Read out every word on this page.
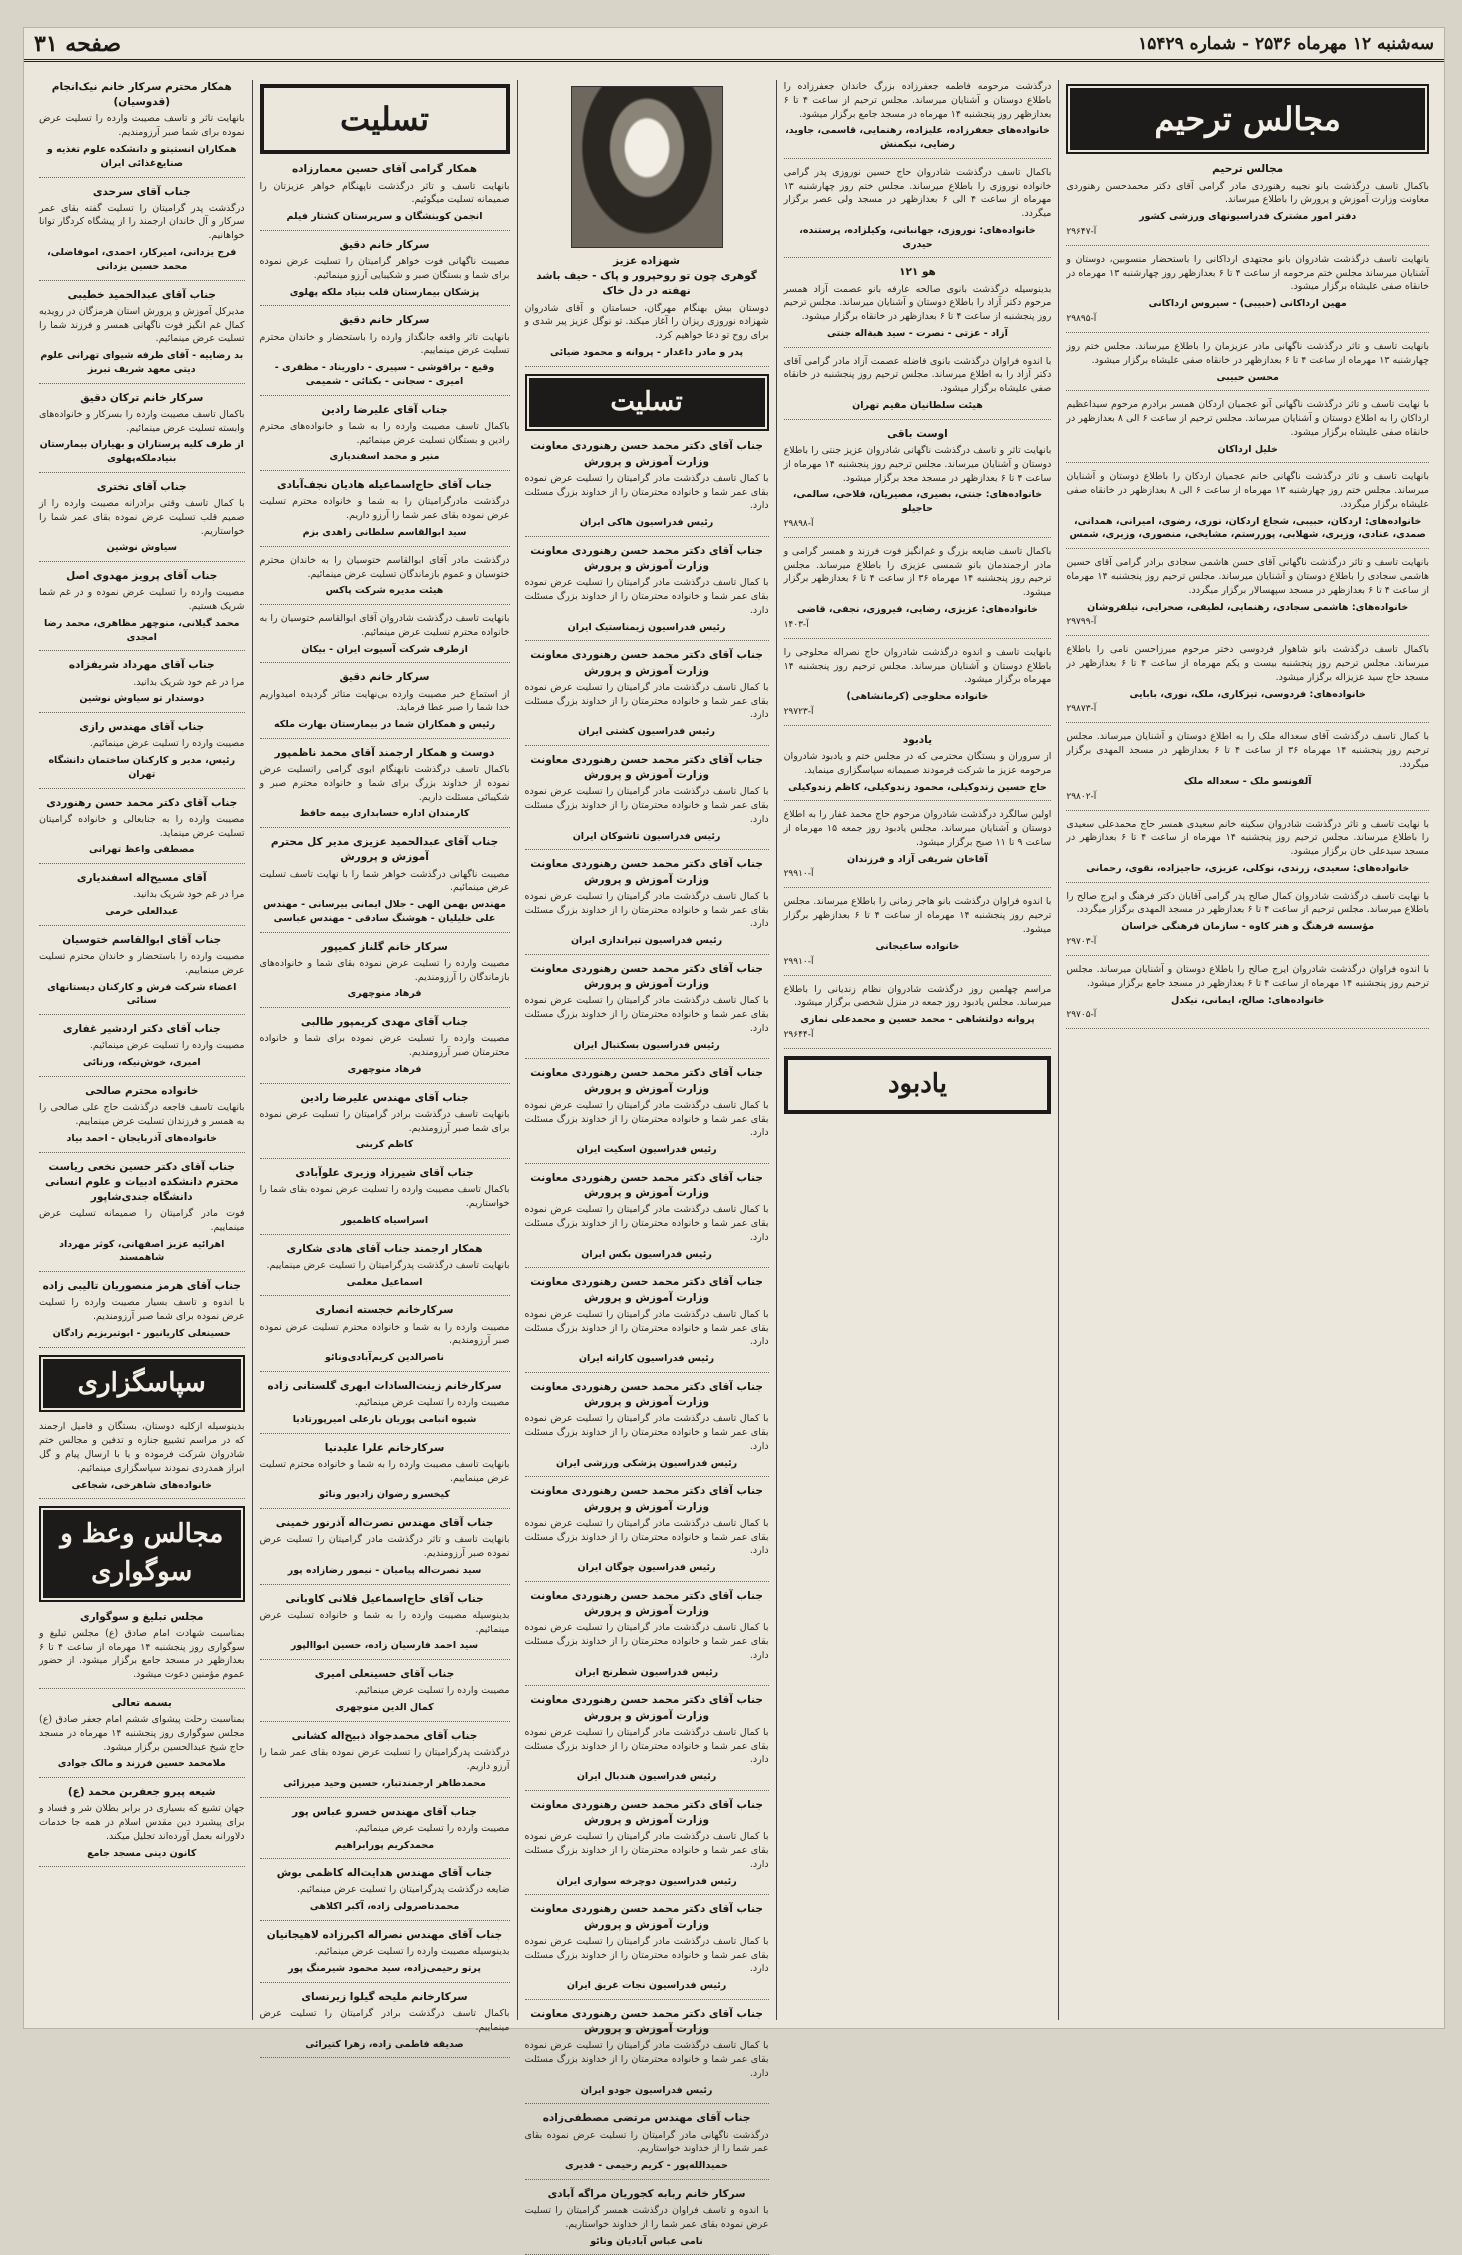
سه‌شنبه ۱۲ مهرماه ۲۵۳۶ - شماره ۱۵۴۲۹
صفحه ۳۱
مجالس ترحیم
مجالس ترحیم
باکمال تاسف درگذشت بانو نجیبه رهنوردی مادر گرامی آقای دکتر محمدحسن رهنوردی معاونت وزارت آموزش و پرورش را باطلاع میرساند.
دفتر امور مشترک فدراسیونهای ورزشی کشور
آ-۲۹۶۴۷
بانهایت تاسف درگذشت شادروان بانو مجتهدی ارداکانی را باستحضار منسوبین، دوستان و آشنایان میرساند مجلس ختم مرحومه از ساعت ۴ تا ۶ بعدازظهر روز چهارشنبه ۱۳ مهرماه در خانقاه صفی علیشاه برگزار میشود.
مهین ارداکانی (حبیبی) - سیروس ارداکانی
آ-۲۹۸۹۵
بانهایت تاسف و تاثر درگذشت ناگهانی مادر عزیزمان را باطلاع میرساند. مجلس ختم روز چهارشنبه ۱۳ مهرماه از ساعت ۴ تا ۶ بعدازظهر در خانقاه صفی علیشاه برگزار میشود.
محسن حبیبی
با نهایت تاسف و تاثر درگذشت ناگهانی آنو عجمیان اردکان همسر برادرم مرحوم سیداعظیم ارداکان را به اطلاع دوستان و آشنایان میرساند. مجلس ترحیم از ساعت ۶ الی ۸ بعدازظهر در خانقاه صفی علیشاه برگزار میشود.
خلیل ارداکان
بانهایت تاسف و تاثر درگذشت ناگهانی خانم عجمیان اردکان را باطلاع دوستان و آشنایان میرساند. مجلس ختم روز چهارشنبه ۱۳ مهرماه از ساعت ۶ الی ۸ بعدازظهر در خانقاه صفی علیشاه برگزار میگردد.
خانواده‌های: اردکان، حبیبی، شجاع اردکان، نوری، رضوی، امیرانی، همدانی، صمدی، عنادی، وزیری، شهلابی، پوررستم، مشایخی، منصوری، وزیری، شمس
بانهایت تاسف و تاثر درگذشت ناگهانی آقای حسن هاشمی سجادی برادر گرامی آقای حسین هاشمی سجادی را باطلاع دوستان و آشنایان میرساند. مجلس ترحیم روز پنجشنبه ۱۴ مهرماه از ساعت ۴ تا ۶ بعدازظهر در مسجد سپهسالار برگزار میگردد.
خانواده‌های: هاشمی سجادی، رهنمایی، لطیفی، صحرایی، نیلفروشان
آ-۲۹۷۹۹
باکمال تاسف درگذشت بانو شاهوار فردوسی دختر مرحوم میرزاحسن نامی را باطلاع میرساند. مجلس ترحیم روز پنجشنبه بیست و یکم مهرماه از ساعت ۴ تا ۶ بعدازظهر در مسجد حاج سید عزیزاله برگزار میشود.
خانواده‌های: فردوسی، تیزکاری، ملک، نوری، بابایی
آ-۲۹۸۷۳
با کمال تاسف درگذشت آقای سعداله ملک را به اطلاع دوستان و آشنایان میرساند. مجلس ترحیم روز پنجشنبه ۱۴ مهرماه ۳۶ از ساعت ۴ تا ۶ بعدازظهر در مسجد المهدی برگزار میگردد.
آلفونسو ملک - سعداله ملک
آ-۲۹۸۰۲
با نهایت تاسف و تاثر درگذشت شادروان سکینه خانم سعیدی همسر حاج محمدعلی سعیدی را باطلاع میرساند. مجلس ترحیم روز پنجشنبه ۱۴ مهرماه از ساعت ۴ تا ۶ بعدازظهر در مسجد سیدعلی خان برگزار میشود.
خانواده‌های: سعیدی، زرندی، نوکلی، عزیزی، حاجیزاده، نقوی، رحمانی
با نهایت تاسف درگذشت شادروان کمال صالح پدر گرامی آقایان دکتر فرهنگ و ایرج صالح را باطلاع میرساند. مجلس ترحیم از ساعت ۴ تا ۶ بعدازظهر در مسجد المهدی برگزار میگردد.
مؤسسه فرهنگ و هنر کاوه - سازمان فرهنگی خراسان
آ-۲۹۷۰۳
با اندوه فراوان درگذشت شادروان ایرج صالح را باطلاع دوستان و آشنایان میرساند. مجلس ترحیم روز پنجشنبه ۱۴ مهرماه از ساعت ۴ تا ۶ بعدازظهر در مسجد جامع برگزار میشود.
خانواده‌های: صالح، ایمانی، نیکدل
آ-۲۹۷۰۵
درگذشت مرحومه فاطمه جعفرزاده بزرگ خاندان جعفرزاده را باطلاع دوستان و آشنایان میرساند. مجلس ترحیم از ساعت ۴ تا ۶ بعدازظهر روز پنجشنبه ۱۴ مهرماه در مسجد جامع برگزار میشود.
خانواده‌های جعفرزاده، علیزاده، رهنمایی، قاسمی، جاوید، رضایی، نیکمنش
باکمال تاسف درگذشت شادروان حاج حسین نوروزی پدر گرامی خانواده نوروزی را باطلاع میرساند. مجلس ختم روز چهارشنبه ۱۳ مهرماه از ساعت ۴ الی ۶ بعدازظهر در مسجد ولی عصر برگزار میگردد.
خانواده‌های: نوروزی، جهانبانی، وکیلزاده، پرستنده، حیدری
هو ۱۲۱
بدینوسیله درگذشت بانوی صالحه عارفه بانو عصمت آزاد همسر مرحوم دکتر آزاد را باطلاع دوستان و آشنایان میرساند. مجلس ترحیم روز پنجشنبه از ساعت ۴ تا ۶ بعدازظهر در خانقاه برگزار میشود.
آزاد - عزتی - نصرت - سید هبةاله جنتی
با اندوه فراوان درگذشت بانوی فاضله عصمت آزاد مادر گرامی آقای دکتر آزاد را به اطلاع میرساند. مجلس ترحیم روز پنجشنبه در خانقاه صفی علیشاه برگزار میشود.
هیئت سلطانیان مقیم تهران
اوست باقی
بانهایت تاثر و تاسف درگذشت ناگهانی شادروان عزیز جنتی را باطلاع دوستان و آشنایان میرساند. مجلس ترحیم روز پنجشنبه ۱۴ مهرماه از ساعت ۴ تا ۶ بعدازظهر در مسجد مجد برگزار میشود.
خانواده‌های: جنتی، بصیری، مصیریان، فلاحی، سالمی، حاجیلو
آ-۲۹۸۹۸
باکمال تاسف ضایعه بزرگ و غم‌انگیز فوت فرزند و همسر گرامی و مادر ارجمندمان بانو شمسی عزیزی را باطلاع میرساند. مجلس ترحیم روز پنجشنبه ۱۴ مهرماه ۳۶ از ساعت ۴ تا ۶ بعدازظهر برگزار میشود.
خانواده‌های: عزیزی، رضایی، فیروزی، نجفی، قاضی
آ-۱۴۰۳
بانهایت تاسف و اندوه درگذشت شادروان حاج نصراله محلوجی را باطلاع دوستان و آشنایان میرساند. مجلس ترحیم روز پنجشنبه ۱۴ مهرماه برگزار میشود.
خانواده محلوجی (کرمانشاهی)
آ-۲۹۷۲۳
یادبود
از سروران و بستگان محترمی که در مجلس ختم و یادبود شادروان مرحومه عزیز ما شرکت فرمودند صمیمانه سپاسگزاری مینماید.
حاج حسین زندوکیلی، محمود زندوکیلی، کاظم زندوکیلی
اولین سالگرد درگذشت شادروان مرحوم حاج محمد غفار را به اطلاع دوستان و آشنایان میرساند. مجلس یادبود روز جمعه ۱۵ مهرماه از ساعت ۹ تا ۱۱ صبح برگزار میشود.
آقاخان شریفی آزاد و فرزندان
آ-۲۹۹۱۰
با اندوه فراوان درگذشت بانو هاجر زمانی را باطلاع میرساند. مجلس ترحیم روز پنجشنبه ۱۴ مهرماه از ساعت ۴ تا ۶ بعدازظهر برگزار میشود.
خانواده ساعیجانی
آ-۲۹۹۱۰
مراسم چهلمین روز درگذشت شادروان نظام زندیانی را باطلاع میرساند. مجلس یادبود روز جمعه در منزل شخصی برگزار میشود.
پروانه دولتشاهی - محمد حسین و محمدعلی نمازی
آ-۲۹۶۴۴
یادبود
شهزاده عزیز
گوهری چون تو روحپرور و پاک - حیف باشد نهفته در دل خاک
دوستان بیش بهنگام مهرگان، حسامتان و آقای شادروان شهزاده نوروزی ریزان را آغاز میکند. تو نوگل عزیز پیر شدی و برای روح تو دعا خواهیم کرد.
پدر و مادر داغدار - پروانه و محمود ضیائی
تسلیت
جناب آقای دکتر محمد حسن رهنوردی معاونت وزارت آموزش و پرورش
با کمال تاسف درگذشت مادر گرامیتان را تسلیت عرض نموده بقای عمر شما و خانواده محترمتان را از خداوند بزرگ مسئلت دارد.
رئیس فدراسیون هاکی ایران
جناب آقای دکتر محمد حسن رهنوردی معاونت وزارت آموزش و پرورش
با کمال تاسف درگذشت مادر گرامیتان را تسلیت عرض نموده بقای عمر شما و خانواده محترمتان را از خداوند بزرگ مسئلت دارد.
رئیس فدراسیون ژیمناستیک ایران
جناب آقای دکتر محمد حسن رهنوردی معاونت وزارت آموزش و پرورش
با کمال تاسف درگذشت مادر گرامیتان را تسلیت عرض نموده بقای عمر شما و خانواده محترمتان را از خداوند بزرگ مسئلت دارد.
رئیس فدراسیون کشتی ایران
جناب آقای دکتر محمد حسن رهنوردی معاونت وزارت آموزش و پرورش
با کمال تاسف درگذشت مادر گرامیتان را تسلیت عرض نموده بقای عمر شما و خانواده محترمتان را از خداوند بزرگ مسئلت دارد.
رئیس فدراسیون تاشوکان ایران
جناب آقای دکتر محمد حسن رهنوردی معاونت وزارت آموزش و پرورش
با کمال تاسف درگذشت مادر گرامیتان را تسلیت عرض نموده بقای عمر شما و خانواده محترمتان را از خداوند بزرگ مسئلت دارد.
رئیس فدراسیون تیراندازی ایران
جناب آقای دکتر محمد حسن رهنوردی معاونت وزارت آموزش و پرورش
با کمال تاسف درگذشت مادر گرامیتان را تسلیت عرض نموده بقای عمر شما و خانواده محترمتان را از خداوند بزرگ مسئلت دارد.
رئیس فدراسیون بسکتبال ایران
جناب آقای دکتر محمد حسن رهنوردی معاونت وزارت آموزش و پرورش
با کمال تاسف درگذشت مادر گرامیتان را تسلیت عرض نموده بقای عمر شما و خانواده محترمتان را از خداوند بزرگ مسئلت دارد.
رئیس فدراسیون اسکیت ایران
جناب آقای دکتر محمد حسن رهنوردی معاونت وزارت آموزش و پرورش
با کمال تاسف درگذشت مادر گرامیتان را تسلیت عرض نموده بقای عمر شما و خانواده محترمتان را از خداوند بزرگ مسئلت دارد.
رئیس فدراسیون بکس ایران
جناب آقای دکتر محمد حسن رهنوردی معاونت وزارت آموزش و پرورش
با کمال تاسف درگذشت مادر گرامیتان را تسلیت عرض نموده بقای عمر شما و خانواده محترمتان را از خداوند بزرگ مسئلت دارد.
رئیس فدراسیون کاراته ایران
جناب آقای دکتر محمد حسن رهنوردی معاونت وزارت آموزش و پرورش
با کمال تاسف درگذشت مادر گرامیتان را تسلیت عرض نموده بقای عمر شما و خانواده محترمتان را از خداوند بزرگ مسئلت دارد.
رئیس فدراسیون پزشکی ورزشی ایران
جناب آقای دکتر محمد حسن رهنوردی معاونت وزارت آموزش و پرورش
با کمال تاسف درگذشت مادر گرامیتان را تسلیت عرض نموده بقای عمر شما و خانواده محترمتان را از خداوند بزرگ مسئلت دارد.
رئیس فدراسیون چوگان ایران
جناب آقای دکتر محمد حسن رهنوردی معاونت وزارت آموزش و پرورش
با کمال تاسف درگذشت مادر گرامیتان را تسلیت عرض نموده بقای عمر شما و خانواده محترمتان را از خداوند بزرگ مسئلت دارد.
رئیس فدراسیون شطرنج ایران
جناب آقای دکتر محمد حسن رهنوردی معاونت وزارت آموزش و پرورش
با کمال تاسف درگذشت مادر گرامیتان را تسلیت عرض نموده بقای عمر شما و خانواده محترمتان را از خداوند بزرگ مسئلت دارد.
رئیس فدراسیون هندبال ایران
جناب آقای دکتر محمد حسن رهنوردی معاونت وزارت آموزش و پرورش
با کمال تاسف درگذشت مادر گرامیتان را تسلیت عرض نموده بقای عمر شما و خانواده محترمتان را از خداوند بزرگ مسئلت دارد.
رئیس فدراسیون دوچرخه سواری ایران
جناب آقای دکتر محمد حسن رهنوردی معاونت وزارت آموزش و پرورش
با کمال تاسف درگذشت مادر گرامیتان را تسلیت عرض نموده بقای عمر شما و خانواده محترمتان را از خداوند بزرگ مسئلت دارد.
رئیس فدراسیون نجات غریق ایران
جناب آقای دکتر محمد حسن رهنوردی معاونت وزارت آموزش و پرورش
با کمال تاسف درگذشت مادر گرامیتان را تسلیت عرض نموده بقای عمر شما و خانواده محترمتان را از خداوند بزرگ مسئلت دارد.
رئیس فدراسیون جودو ایران
جناب آقای مهندس مرتضی مصطفی‌زاده
درگذشت ناگهانی مادر گرامیتان را تسلیت عرض نموده بقای عمر شما را از خداوند خواستاریم.
حمیدالله‌پور - کریم رحیمی - قدیری
سرکار خانم ربابه کجوریان مراگه آبادی
با اندوه و تاسف فراوان درگذشت همسر گرامیتان را تسلیت عرض نموده بقای عمر شما را از خداوند خواستاریم.
نامی عباس آبادیان ونائو
تسلیت
همکار گرامی آقای حسین معمارزاده
بانهایت تاسف و تاثر درگذشت ناپهنگام خواهر عزیزتان را صمیمانه تسلیت میگوئیم.
انجمن کوینشگان و سرپرستان کشتار فیلم
سرکار خانم دقیق
مصیبت ناگهانی فوت خواهر گرامیتان را تسلیت عرض نموده برای شما و بستگان صبر و شکیبایی آرزو مینمائیم.
پزشکان بیمارستان قلب بنیاد ملکه پهلوی
سرکار خانم دقیق
بانهایت تاثر واقعه جانگداز وارده را باستحضار و خاندان محترم تسلیت عرض مینماییم.
وقیع - براقوشی - سپیری - داوریناد - مظفری - امیری - سجانی - بکتائی - شمیمی
جناب آقای علیرضا رادین
باکمال تاسف مصیبت وارده را به شما و خانواده‌های محترم رادین و بستگان تسلیت عرض مینمائیم.
منیر و محمد اسفندیاری
جناب آقای حاج‌اسماعیله هادیان نجف‌آبادی
درگذشت مادرگرامیتان را به شما و خانواده محترم تسلیت عرض نموده بقای عمر شما را آرزو داریم.
سید ابوالقاسم سلطانی زاهدی بزم
درگذشت مادر آقای ابوالقاسم ختوسیان را به خاندان محترم ختوسیان و عموم بازماندگان تسلیت عرض مینمائیم.
هیئت مدیره شرکت پاکس
بانهایت تاسف درگذشت شادروان آقای ابوالقاسم ختوسیان را به خانواده محترم تسلیت عرض مینمائیم.
ازطرف شرکت آسیوت ایران - بیکان
سرکار خانم دقیق
از استماع خبر مصیبت وارده بی‌نهایت متاثر گردیده امیدواریم خدا شما را صبر عطا فرماید.
رئیس و همکاران شما در بیمارستان بهارت ملکه
دوست و همکار ارجمند آقای محمد ناظمپور
باکمال تاسف درگذشت نابهنگام ابوی گرامی راتسلیت عرض نموده از خداوند بزرگ برای شما و خانواده محترم صبر و شکیبائی مسئلت داریم.
کارمندان اداره حسابداری بیمه حافظ
جناب آقای عبدالحمید عزیزی مدیر کل محترم آموزش و پرورش
مصیبت ناگهانی درگذشت خواهر شما را با نهایت تاسف تسلیت عرض مینمائیم.
مهندس بهمن الهی - جلال ایمانی بیرسانی - مهندس علی خلیلیان - هوشنگ سادقی - مهندس عباسی
سرکار خانم گلناز کمیپور
مصیبت وارده را تسلیت عرض نموده بقای شما و خانواده‌های بازماندگان را آرزومندیم.
فرهاد منوچهری
جناب آقای مهدی کریمپور طالبی
مصیبت وارده را تسلیت عرض نموده برای شما و خانواده محترمتان صبر آرزومندیم.
فرهاد منوچهری
جناب آقای مهندس علیرضا رادین
بانهایت تاسف درگذشت برادر گرامیتان را تسلیت عرض نموده برای شما صبر آرزومندیم.
کاظم کربنی
جناب آقای شیرزاد وزیری علوآبادی
باکمال تاسف مصیبت وارده را تسلیت عرض نموده بقای شما را خواستاریم.
اسراسیاه کاظمیور
همکار ارجمند جناب آقای هادی شکاری
بانهایت تاسف درگذشت پدرگرامیتان را تسلیت عرض مینماییم.
اسماعیل معلمی
سرکارخانم خجسته انصاری
مصیبت وارده را به شما و خانواده محترم تسلیت عرض نموده صبر آرزومندیم.
ناصرالدین کریم‌آبادی‌ونائو
سرکارخانم زینت‌السادات ابهری گلستانی زاده
مصیبت وارده را تسلیت عرض مینمائیم.
شیوه انبامی پوریان بارعلی امیرپورتادیا
سرکارخانم علرا علیدنیا
بانهایت تاسف مصیبت وارده را به شما و خانواده محترم تسلیت عرض مینماییم.
کیخسرو رضوان زادیور ونائو
جناب آقای مهندس نصرت‌اله آذرنور خمینی
بانهایت تاسف و تاثر درگذشت مادر گرامیتان را تسلیت عرض نموده صبر آرزومندیم.
سید نصرت‌اله پیامیان - نیمور رضازاده پور
جناب آقای حاج‌اسماعیل قلانی کاوبانی
بدینوسیله مصیبت وارده را به شما و خانواده تسلیت عرض مینمائیم.
سید احمد فارسیان زاده، حسین ابواالپور
جناب آقای حسینعلی امیری
مصیبت وارده را تسلیت عرض مینمائیم.
کمال الدین منوچهری
جناب آقای محمدجواد ذبیح‌اله کشانی
درگذشت پدرگرامیتان را تسلیت عرض نموده بقای عمر شما را آرزو داریم.
محمدطاهر ارجمندتبار، حسین وحید میرزائی
جناب آقای مهندس خسرو عباس پور
مصیبت وارده را تسلیت عرض مینمائیم.
محمدکریم پورابراهیم
جناب آقای مهندس هدایت‌اله کاظمی بوش
ضایعه درگذشت پدرگرامیتان را تسلیت عرض مینمائیم.
محمدناصرولی زاده، آکبر اکلاهی
جناب آقای مهندس نصراله اکبرزاده لاهیجانیان
بدینوسیله مصیبت وارده را تسلیت عرض مینمائیم.
پرتو رحیمی‌زاده، سید محمود شیرمنگ پور
سرکارخانم ملیحه گیلوا زیرنسای
باکمال تاسف درگذشت برادر گرامیتان را تسلیت عرض مینماییم.
صدیقه فاطمی زاده، زهرا کتیرائی
همکار محترم سرکار خانم نیک‌انجام (قدوسیان)
بانهایت تاثر و تاسف مصیبت وارده را تسلیت عرض نموده برای شما صبر آرزومندیم.
همکاران انستیتو و دانشکده علوم تغذیه و صنایع‌غذائی ایران
جناب آقای سرحدی
درگذشت پدر گرامیتان را تسلیت گفته بقای عمر سرکار و آل خاندان ارجمند را از پیشگاه کردگار توانا خواهانیم.
فرج یزدانی، امیرکار، احمدی، اموفاضلی، محمد حسین یزدانی
جناب آقای عبدالحمید خطیبی
مدیرکل آموزش و پرورش استان هرمزگان در رویدیه کمال غم انگیز فوت ناگهانی همسر و فرزند شما را تسلیت عرض مینمائیم.
بد رضاییه - آقای طرفه شیوای تهرانی علوم دیتی معهد شریف تبریز
سرکار خانم ترکان دقیق
باکمال تاسف مصیبت وارده را بسرکار و خانواده‌های وابسته تسلیت عرض مینمائیم.
از طرف کلیه پرستاران و بهیاران بیمارستان بنیادملکه‌پهلوی
جناب آقای تختری
با کمال تاسف وقتی برادرانه مصیبت وارده را از صمیم قلب تسلیت عرض نموده بقای عمر شما را خواستاریم.
سیاوش نوشین
جناب آقای پرویز مهدوی اصل
مصیبت وارده را تسلیت عرض نموده و در غم شما شریک هستیم.
محمد گیلانی، منوچهر مظاهری، محمد رضا امجدی
جناب آقای مهرداد شریفزاده
مرا در غم خود شریک بدانید.
دوستدار تو سیاوش نوشین
جناب آقای مهندس رازی
مصیبت وارده را تسلیت عرض مینمائیم.
رئیس، مدیر و کارکنان ساختمان دانشگاه تهران
جناب آقای دکتر محمد حسن رهنوردی
مصیبت وارده را به جنابعالی و خانواده گرامیتان تسلیت عرض مینماید.
مصطفی واعظ تهرانی
آقای مسیح‌اله اسفندیاری
مرا در غم خود شریک بدانید.
عبدالعلی خرمی
جناب آقای ابوالقاسم ختوسیان
مصیبت وارده را باستحضار و خاندان محترم تسلیت عرض مینماییم.
اعضاء شرکت فرش و کارکنان دیستانهای سنائی
جناب آقای دکتر اردشیر غفاری
مصیبت وارده را تسلیت عرض مینمائیم.
امیری، خوش‌نیکه، ورنائی
خانواده محترم صالحی
بانهایت تاسف فاجعه درگذشت حاج علی صالحی را به همسر و فرزندان تسلیت عرض مینماییم.
خانواده‌های آذربایجان - احمد بیاد
جناب آقای دکتر حسین نخعی ریاست محترم دانشکده ادبیات و علوم انسانی دانشگاه جندی‌شاپور
فوت مادر گرامیتان را صمیمانه تسلیت عرض مینماییم.
اهرائیه عزیز اصفهانی، کوثر مهرداد شاهمسند
جناب آقای هرمز منصوریان تالیبی زاده
با اندوه و تاسف بسیار مصیبت وارده را تسلیت عرض نموده برای شما صبر آرزومندیم.
حسینعلی کاریانیور - ابوتبریزیم زادگان
سپاسگزاری
بدینوسیله ازکلیه دوستان، بستگان و فامیل ارجمند که در مراسم تشییع جنازه و تدفین و مجالس ختم شادروان شرکت فرموده و یا با ارسال پیام و گل ابراز همدردی نمودند سپاسگزاری مینمائیم.
خانواده‌های شاهرخی، شجاعی
مجالس وعظ و سوگواری
مجلس تبلیغ و سوگواری
بمناسبت شهادت امام صادق (ع) مجلس تبلیغ و سوگواری روز پنجشنبه ۱۴ مهرماه از ساعت ۴ تا ۶ بعدازظهر در مسجد جامع برگزار میشود. از حضور عموم مؤمنین دعوت میشود.
بسمه تعالی
بمناسبت رحلت پیشوای ششم امام جعفر صادق (ع) مجلس سوگواری روز پنجشنبه ۱۴ مهرماه در مسجد حاج شیخ عبدالحسین برگزار میشود.
ملامحمد حسین فرزند و مالک جوادی
شیعه پیرو جعفربن محمد (ع)
جهان تشیع که بسیاری در برابر بطلان شر و فساد و برای پیشبرد دین مقدس اسلام در همه جا خدمات دلاورانه بعمل آورده‌اند تجلیل میکند.
کانون دینی مسجد جامع
